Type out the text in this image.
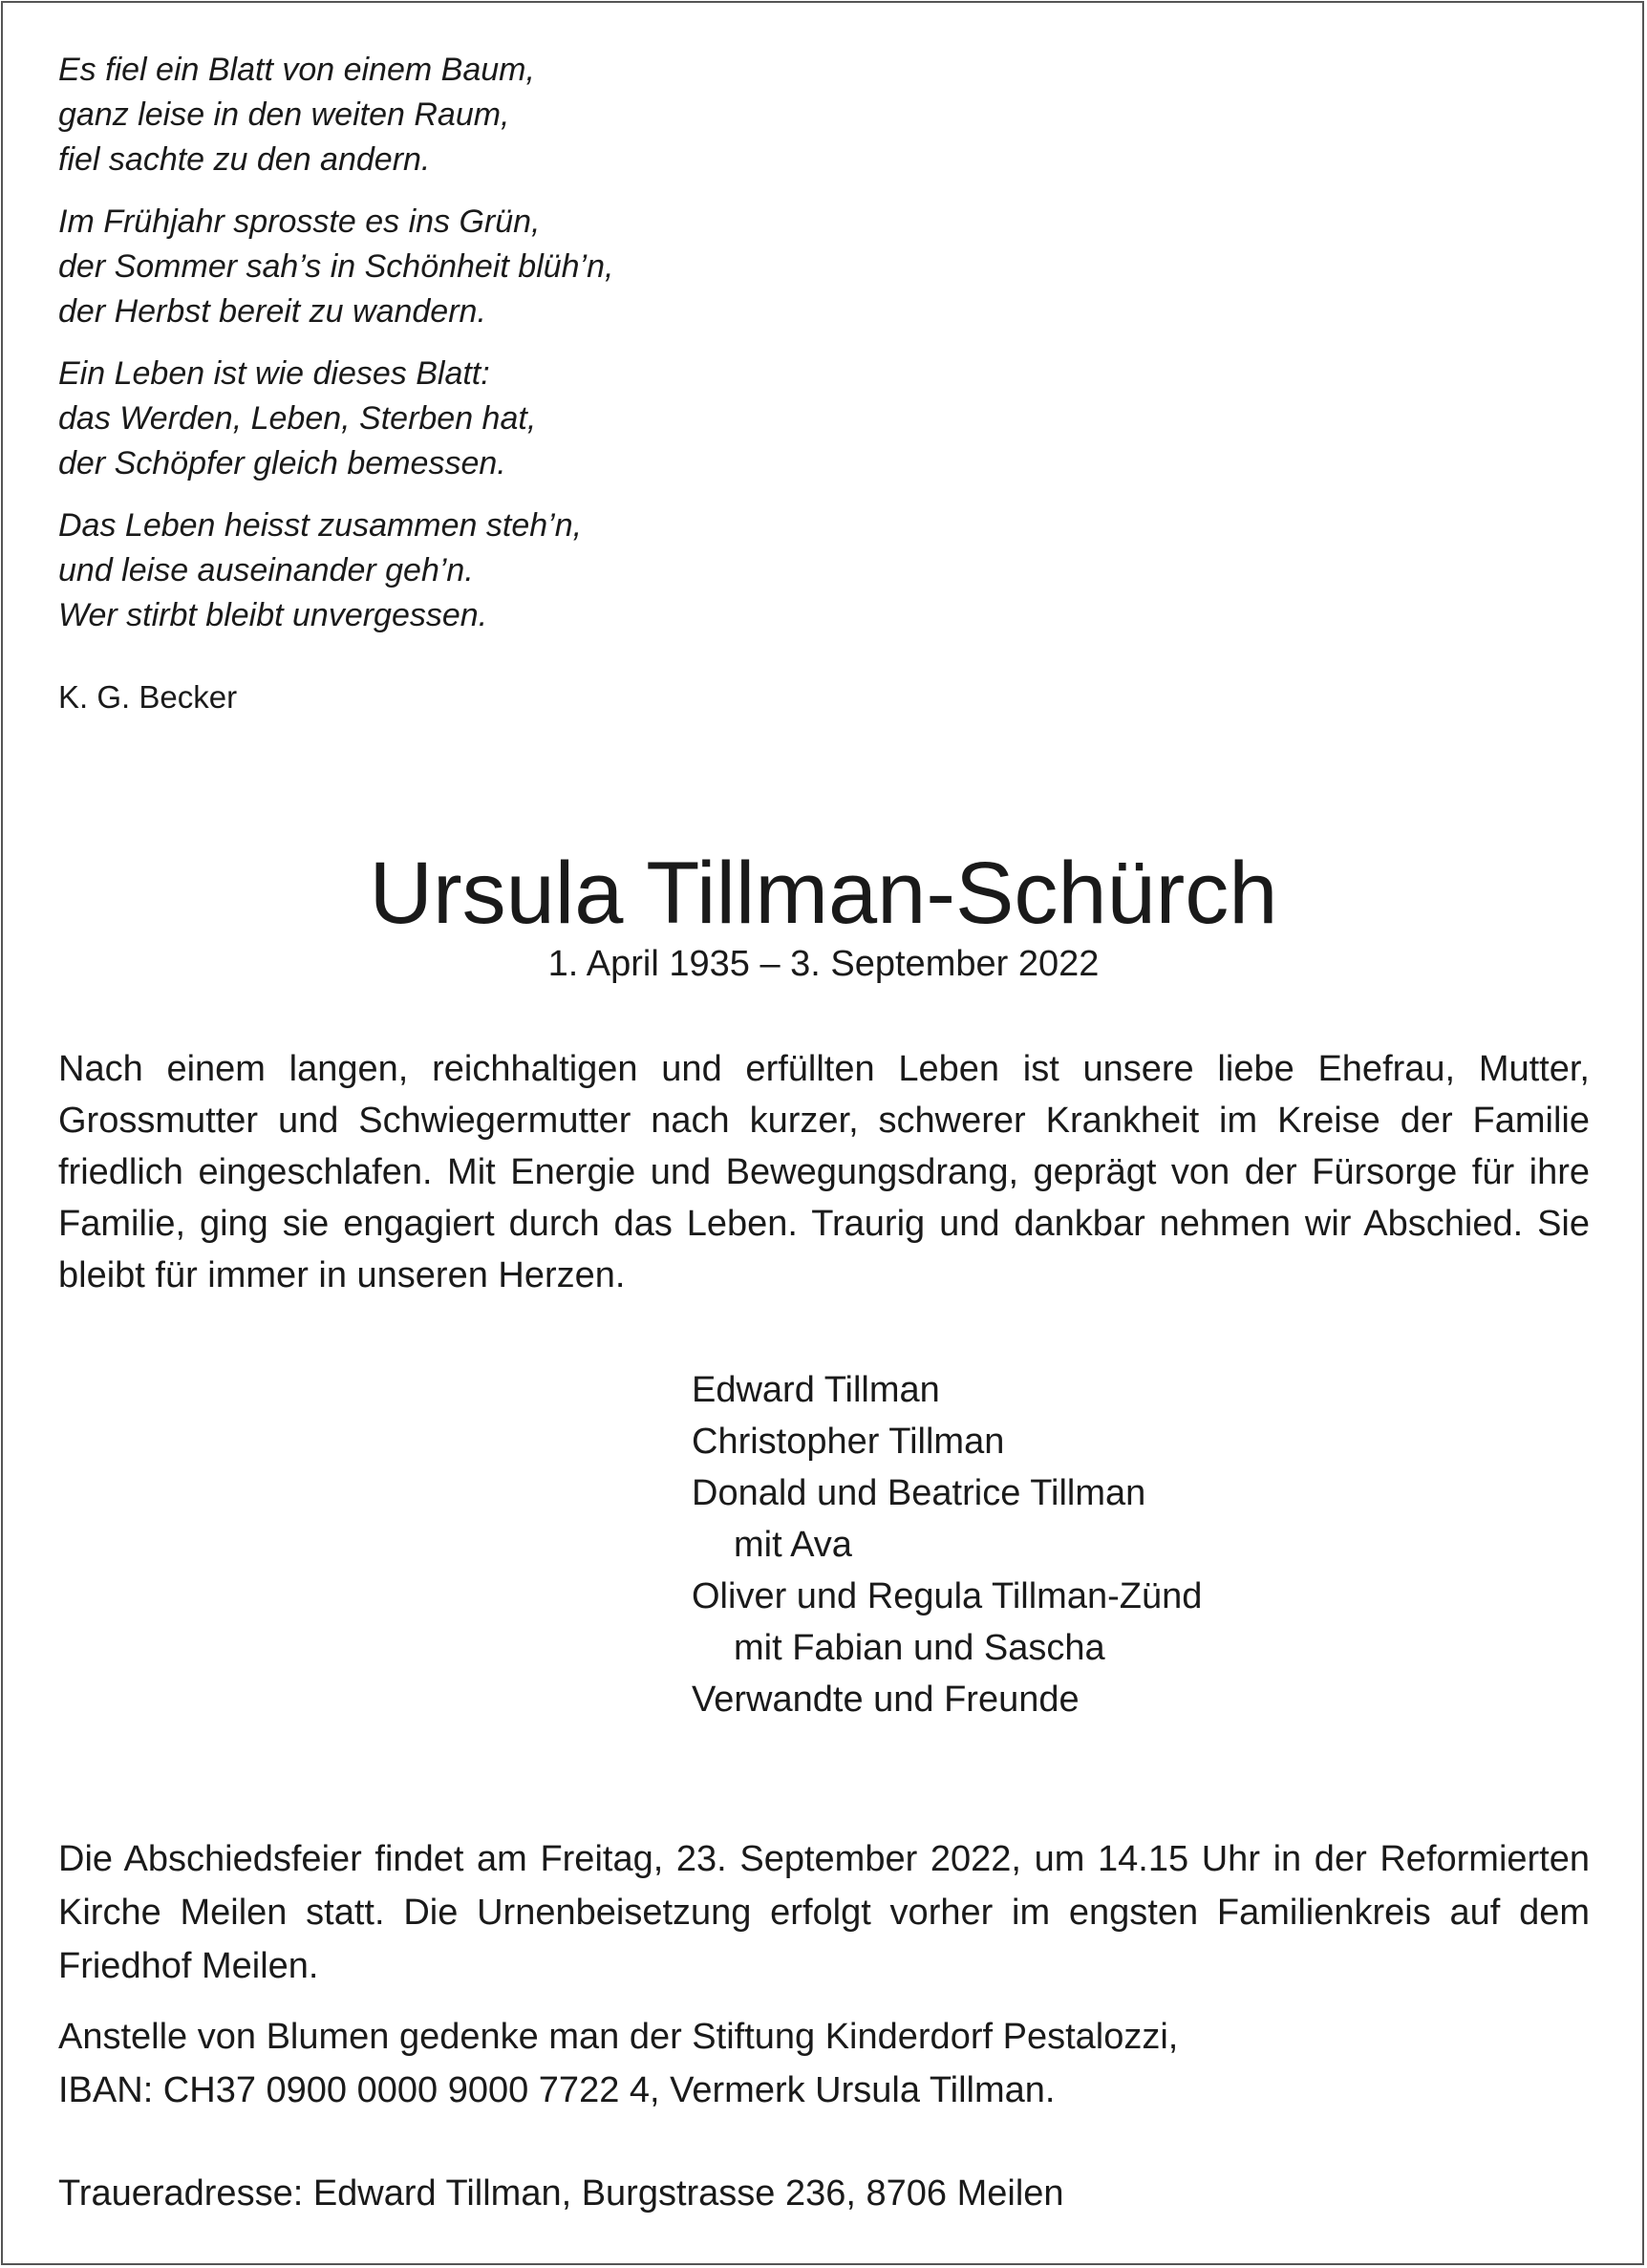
Es fiel ein Blatt von einem Baum,
ganz leise in den weiten Raum,
fiel sachte zu den andern.
Im Frühjahr sprosste es ins Grün,
der Sommer sah’s in Schönheit blüh’n,
der Herbst bereit zu wandern.
Ein Leben ist wie dieses Blatt:
das Werden, Leben, Sterben hat,
der Schöpfer gleich bemessen.
Das Leben heisst zusammen steh’n,
und leise auseinander geh’n.
Wer stirbt bleibt unvergessen.
K. G. Becker
Ursula Tillman-Schürch
1. April 1935 – 3. September 2022
Nach einem langen, reichhaltigen und erfüllten Leben ist unsere liebe Ehefrau, Mutter, Grossmutter und Schwiegermutter nach kurzer, schwerer Krankheit im Kreise der Familie friedlich eingeschlafen. Mit Energie und Bewegungsdrang, geprägt von der Fürsorge für ihre Familie, ging sie engagiert durch das Leben. Traurig und dankbar nehmen wir Abschied. Sie bleibt für immer in unseren Herzen.
Edward Tillman
Christopher Tillman
Donald und Beatrice Tillman
mit Ava
Oliver und Regula Tillman-Zünd
mit Fabian und Sascha
Verwandte und Freunde
Die Abschiedsfeier findet am Freitag, 23. September 2022, um 14.15 Uhr in der Reformierten Kirche Meilen statt. Die Urnenbeisetzung erfolgt vorher im engsten Familienkreis auf dem Friedhof Meilen.
Anstelle von Blumen gedenke man der Stiftung Kinderdorf Pestalozzi,
IBAN: CH37 0900 0000 9000 7722 4, Vermerk Ursula Tillman.
Traueradresse: Edward Tillman, Burgstrasse 236, 8706 Meilen
